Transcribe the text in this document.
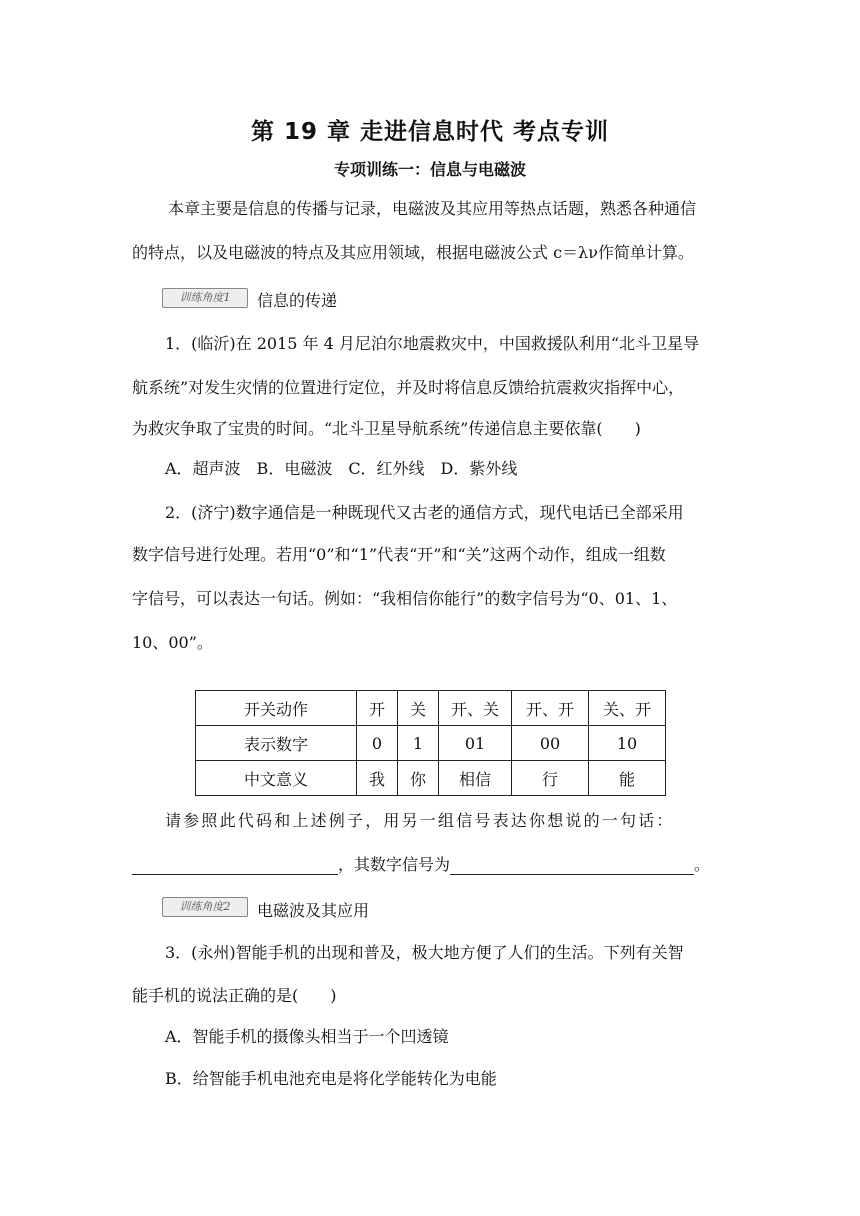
第 19 章 走进信息时代 考点专训
专项训练一：信息与电磁波
本章主要是信息的传播与记录，电磁波及其应用等热点话题，熟悉各种通信
的特点，以及电磁波的特点及其应用领域，根据电磁波公式 c＝λν作简单计算。
训练角度1	信息的传递
1．(临沂)在 2015 年 4 月尼泊尔地震救灾中，中国救援队利用“北斗卫星导
航系统”对发生灾情的位置进行定位，并及时将信息反馈给抗震救灾指挥中心，
为救灾争取了宝贵的时间。“北斗卫星导航系统”传递信息主要依靠(　　)
A．超声波　B．电磁波　C．红外线　D．紫外线
2．(济宁)数字通信是一种既现代又古老的通信方式，现代电话已全部采用
数字信号进行处理。若用“0”和“1”代表“开”和“关”这两个动作，组成一组数
字信号，可以表达一句话。例如：“我相信你能行”的数字信号为“0、01、1、
10、00”。
开关动作	开	关	开、关	开、开	关、开
表示数字	0	1	01	00	10
中文意义	我	你	相信	行	能
请参照此代码和上述例子，用另一组信号表达你想说的一句话：
，其数字信号为	。
训练角度2	电磁波及其应用
3．(永州)智能手机的出现和普及，极大地方便了人们的生活。下列有关智
能手机的说法正确的是(　　)
A．智能手机的摄像头相当于一个凹透镜
B．给智能手机电池充电是将化学能转化为电能
